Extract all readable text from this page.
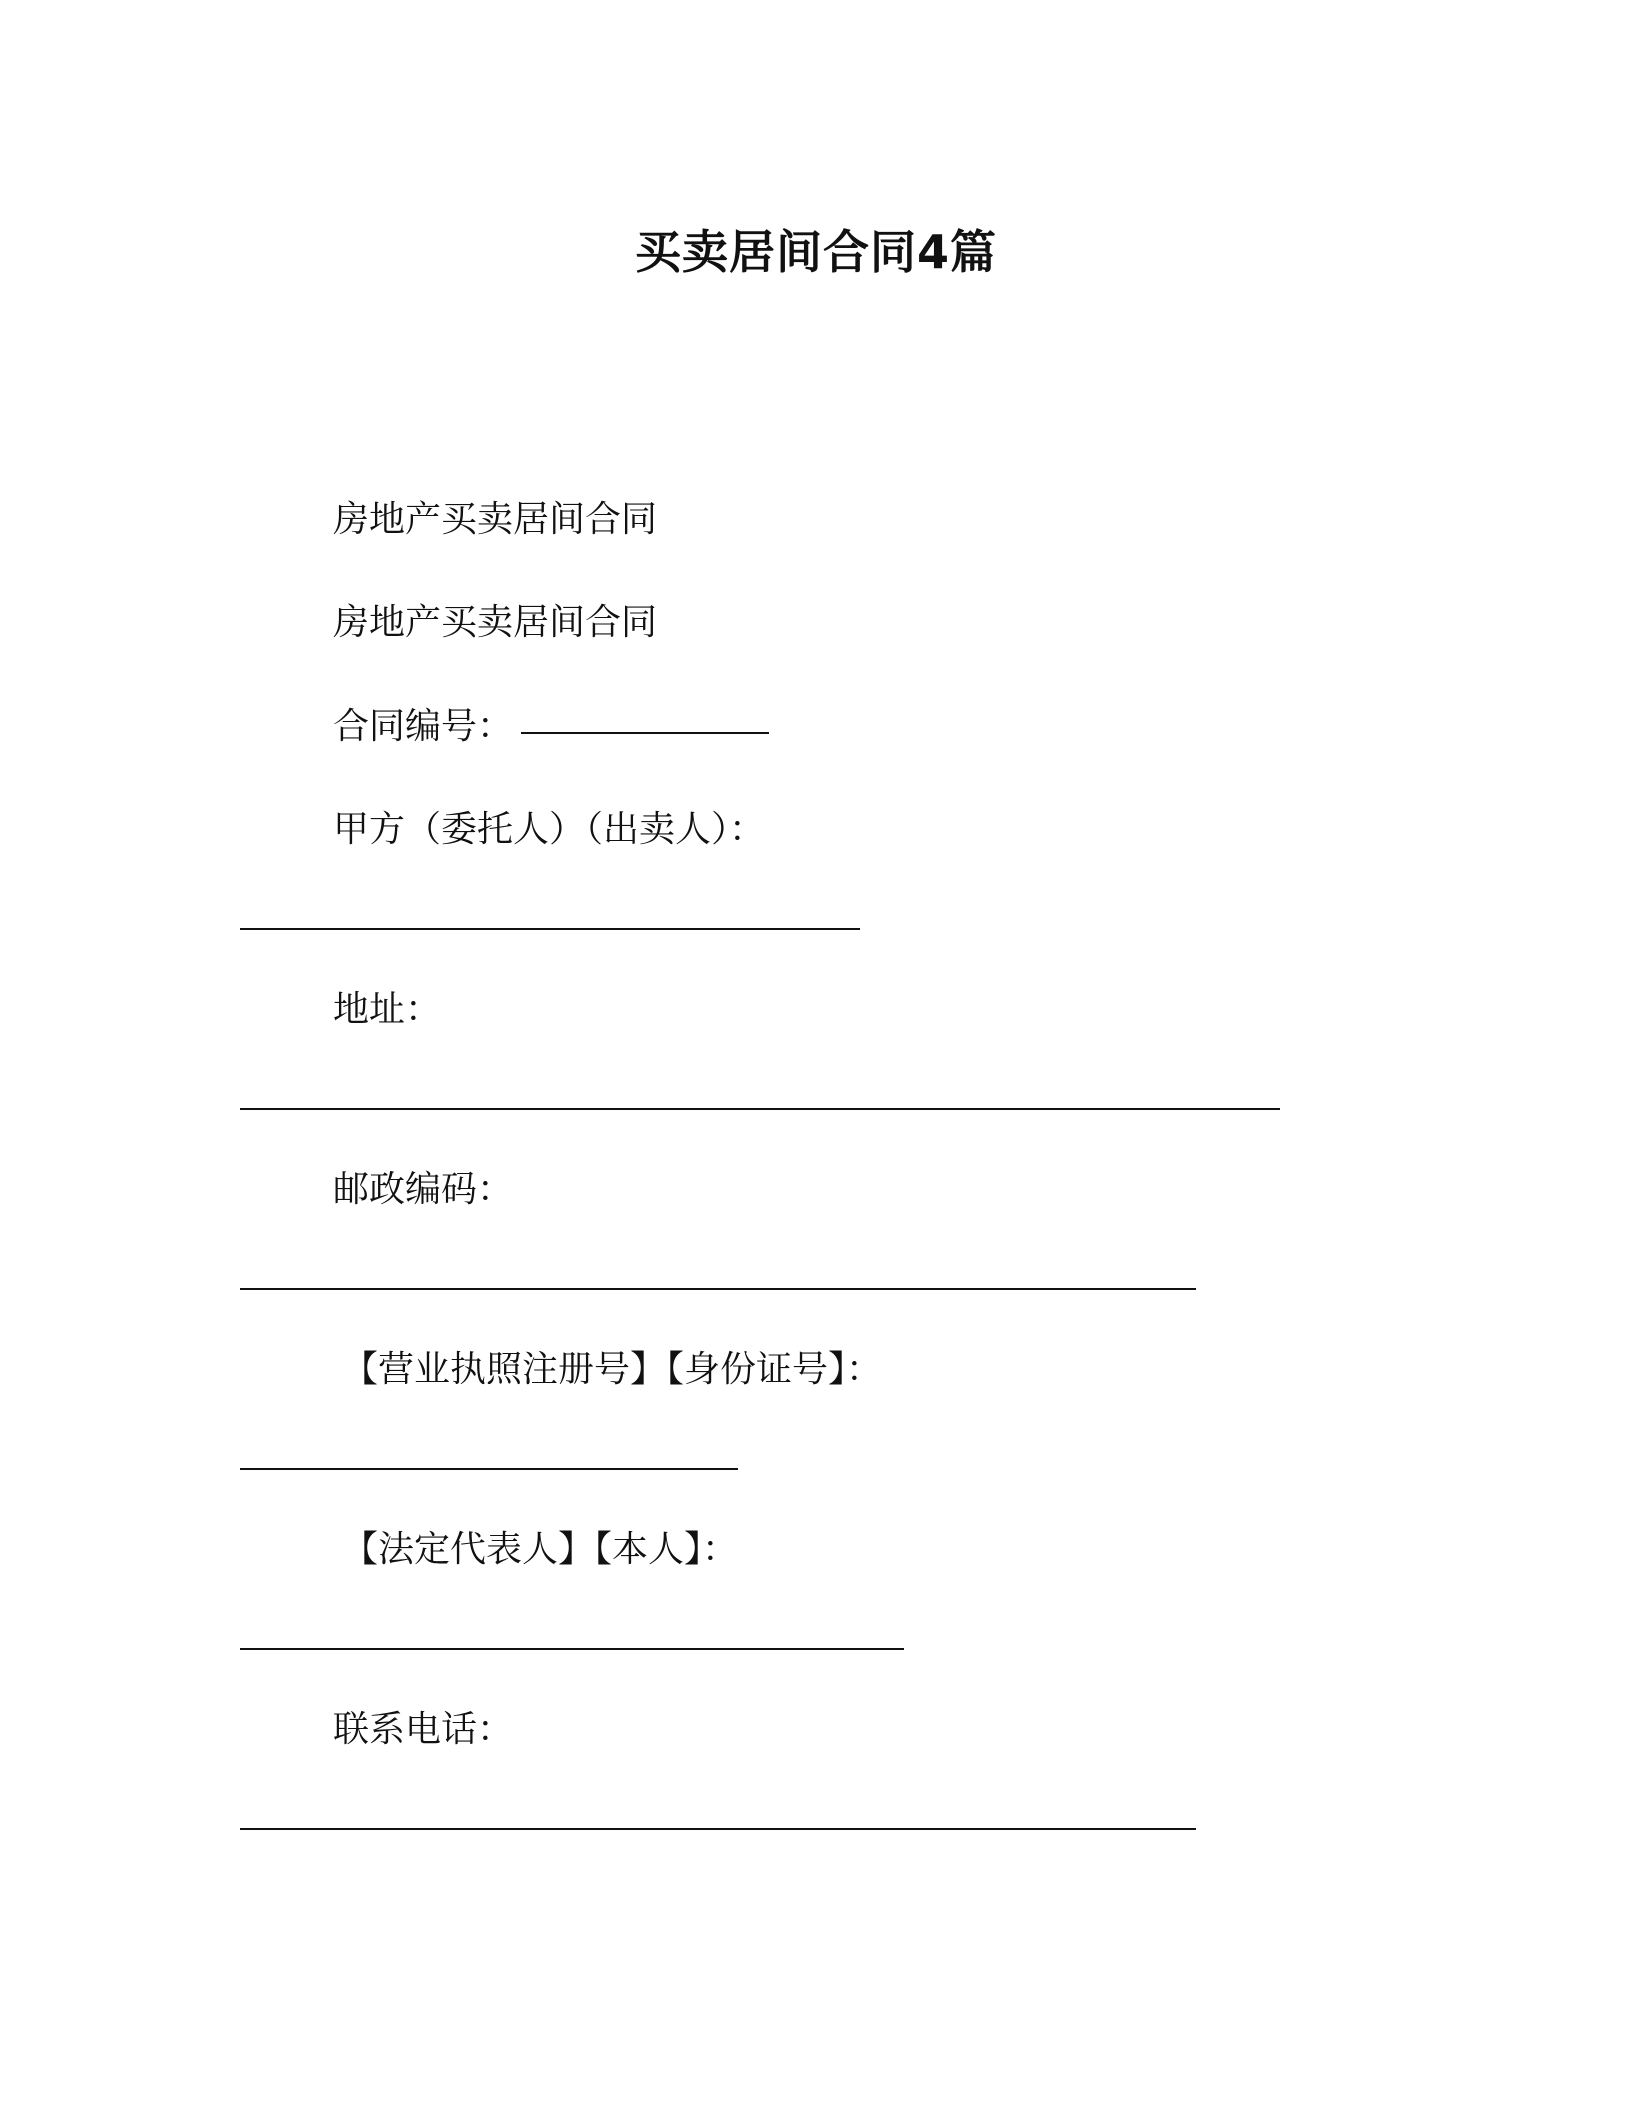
买卖居间合同4篇
房地产买卖居间合同
房地产买卖居间合同
合同编号：
甲方（委托人）（出卖人）：
地址：
邮政编码：
【营业执照注册号】【身份证号】：
【法定代表人】【本人】：
联系电话：
